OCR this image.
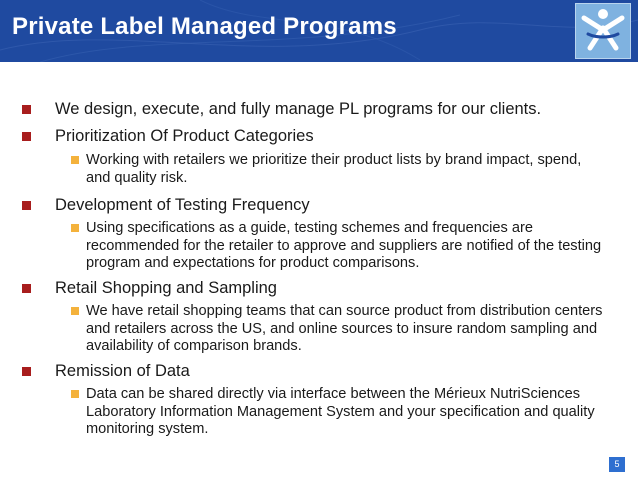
Private Label Managed Programs
We design, execute, and fully manage PL programs for our clients.
Prioritization Of Product Categories
Working with retailers we prioritize their product lists by brand impact, spend, and quality risk.
Development of Testing Frequency
Using specifications as a guide, testing schemes and frequencies are recommended for the retailer to approve and suppliers are notified of the testing program and expectations for product comparisons.
Retail Shopping and Sampling
We have retail shopping teams that can source product from distribution centers and retailers across the US, and online sources to insure random sampling and availability of comparison brands.
Remission of Data
Data can be shared directly via interface between the Mérieux NutriSciences Laboratory Information Management System and your specification and quality monitoring system.
5
